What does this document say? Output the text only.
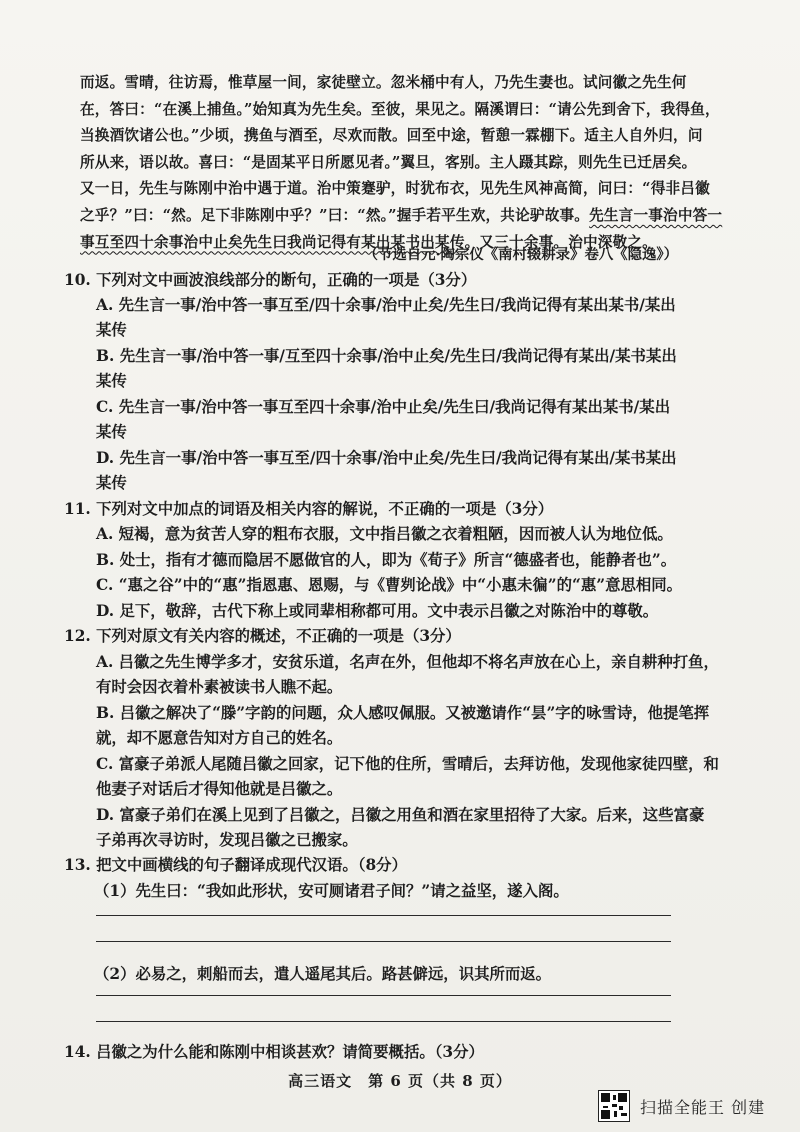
而返。雪晴，往访焉，惟草屋一间，家徒壁立。忽米桶中有人，乃先生妻也。试问徽之先生何
在，答曰：“在溪上捕鱼。”始知真为先生矣。至彼，果见之。隔溪谓曰：“请公先到舍下，我得鱼，
当换酒饮诸公也。”少顷，携鱼与酒至，尽欢而散。回至中途，暂憩一霖棚下。适主人自外归，问
所从来，语以故。喜曰：“是固某平日所愿见者。”翼旦，客别。主人蹑其踪，则先生已迁居矣。
又一日，先生与陈刚中治中遇于道。治中策蹇驴，时犹布衣，见先生风神高简，问曰：“得非吕徽
之乎？”曰：“然。足下非陈刚中乎？”曰：“然。”握手若平生欢，共论驴故事。先生言一事治中答一
事互至四十余事治中止矣先生曰我尚记得有某出某书出某传。又三十余事。治中深敬之。
（节选自元·陶宗仪《南村辍耕录》卷八《隐逸》）
10. 下列对文中画波浪线部分的断句，正确的一项是（3分）
A. 先生言一事/治中答一事互至/四十余事/治中止矣/先生曰/我尚记得有某出某书/某出
某传
B. 先生言一事/治中答一事/互至四十余事/治中止矣/先生曰/我尚记得有某出/某书某出
某传
C. 先生言一事/治中答一事互至四十余事/治中止矣/先生曰/我尚记得有某出某书/某出
某传
D. 先生言一事/治中答一事互至/四十余事/治中止矣/先生曰/我尚记得有某出/某书某出
某传
11. 下列对文中加点的词语及相关内容的解说，不正确的一项是（3分）
A. 短褐，意为贫苦人穿的粗布衣服，文中指吕徽之衣着粗陋，因而被人认为地位低。
B. 处士，指有才德而隐居不愿做官的人，即为《荀子》所言“德盛者也，能静者也”。
C. “惠之谷”中的“惠”指恩惠、恩赐，与《曹刿论战》中“小惠未徧”的“惠”意思相同。
D. 足下，敬辞，古代下称上或同辈相称都可用。文中表示吕徽之对陈治中的尊敬。
12. 下列对原文有关内容的概述，不正确的一项是（3分）
A. 吕徽之先生博学多才，安贫乐道，名声在外，但他却不将名声放在心上，亲自耕种打鱼，
有时会因衣着朴素被读书人瞧不起。
B. 吕徽之解决了“滕”字韵的问题，众人感叹佩服。又被邀请作“昙”字的咏雪诗，他提笔挥
就，却不愿意告知对方自己的姓名。
C. 富豪子弟派人尾随吕徽之回家，记下他的住所，雪晴后，去拜访他，发现他家徒四壁，和
他妻子对话后才得知他就是吕徽之。
D. 富豪子弟们在溪上见到了吕徽之，吕徽之用鱼和酒在家里招待了大家。后来，这些富豪
子弟再次寻访时，发现吕徽之已搬家。
13. 把文中画横线的句子翻译成现代汉语。（8分）
（1）先生曰：“我如此形状，安可厕诸君子间？”请之益坚，遂入阁。
（2）必易之，刺船而去，遣人遥尾其后。路甚僻远，识其所而返。
14. 吕徽之为什么能和陈刚中相谈甚欢？请简要概括。（3分）
高三语文　第 6 页（共 8 页）
扫描全能王 创建
